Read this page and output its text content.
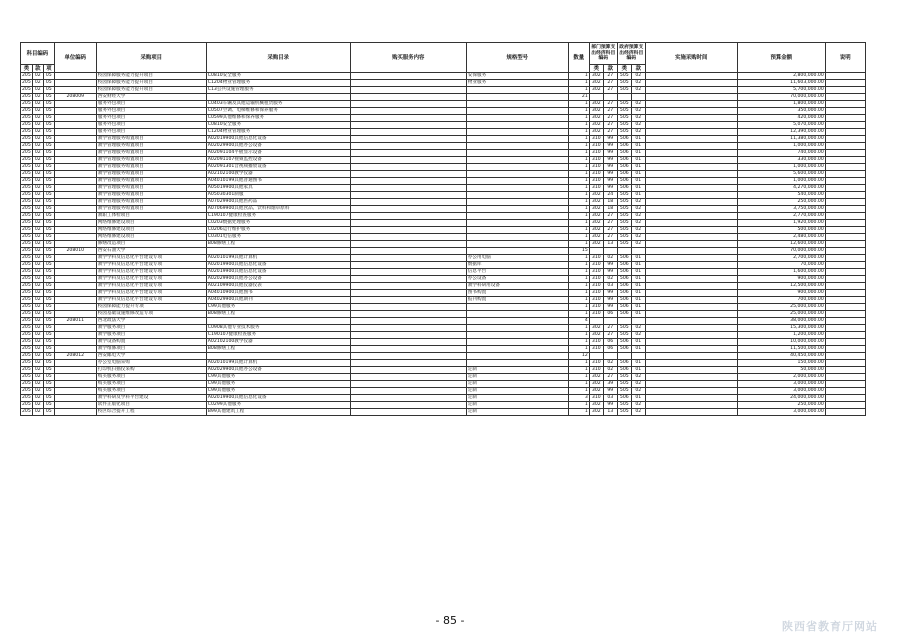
科目编码			单位编码	采购项目	采购目录	购买服务内容	规格型号	数量	部门预算支出经济科目编码		政府预算支出经济科目编码		实施采购时间	预算金额	说明
类	款	项													
									类	款	类	款			
205	02	05		校园保障服务能力提升项目	C0810安全服务		安保服务	1	302	27	505	02		2,800,000.00	
205	02	05		校园保障服务能力提升项目	C1204物业管理服务		物业服务	1	302	27	505	02		11,603,000.00	
205	02	05		校园保障服务能力提升项目	C13公共设施管理服务			1	302	27	505	02		5,700,000.00	
205	02	05	208009	西安财经大学				21						70,000,000.00	
205	02	05		服务外包项目	C0403车辆及其他运输机械租赁服务			1	302	27	505	02		1,800,000.00	
205	02	05		服务外包项目	C0507空调、电梯维修和保养服务			1	302	27	505	02		350,000.00	
205	02	05		服务外包项目	C0599其他维修和保养服务			1	302	27	505	02		420,000.00	
205	02	05		服务外包项目	C0810安全服务			1	302	27	505	02		5,070,000.00	
205	02	05		服务外包项目	C1204物业管理服务			1	302	27	505	02		12,390,000.00	
205	02	05		教学管理服务购置项目	A02019900其他信息化设备			1	310	99	506	01		11,380,000.00	
205	02	05		教学管理服务购置项目	A02029900其他办公设备			1	310	99	506	01		1,000,000.00	
205	02	05		教学管理服务购置项目	A02091104平板显示设备			1	310	99	506	01		740,000.00	
205	02	05		教学管理服务购置项目	A02091107视频监控设备			1	310	99	506	01		330,000.00	
205	02	05		教学管理服务购置项目	A02091301音视频播放设备			1	310	99	506	01		1,000,000.00	
205	02	05		教学管理服务购置项目	A02102100教学仪器			1	310	99	506	01		5,600,000.00	
205	02	05		教学管理服务购置项目	A04010199其他普通图书			1	310	99	506	01		1,000,000.00	
205	02	05		教学管理服务购置项目	A05019900其他家具			1	310	99	506	01		4,270,000.00	
205	02	05		教学管理服务购置项目	A05030301制服			1	302	24	505	01		540,000.00	
205	02	05		教学管理服务购置项目	A07029900其他医药品			1	302	18	505	02		250,000.00	
205	02	05		教学管理服务购置项目	A07069900其他食品、饮料和烟草原料			1	302	18	505	02		3,750,000.00	
205	02	05		教职工体检项目	C190107健康检查服务			1	302	27	505	02		2,770,000.00	
205	02	05		网络维修建设项目	C0203数据处理服务			1	302	27	505	02		1,920,000.00	
205	02	05		网络维修建设项目	C0206运行维护服务			1	302	27	505	02		500,000.00	
205	02	05		网络维修建设项目	C0301电信服务			1	302	27	505	02		2,480,000.00	
205	02	05		修缮改造项目	B08修缮工程			1	302	13	505	02		12,600,000.00	
205	02	05	208010	西安石油大学				15						70,000,000.00	
205	02	05		教学学科及信息化平台建设专项	A02010199其他计算机		办公用电脑	1	310	02	506	01		2,700,000.00	
205	02	05		教学学科及信息化平台建设专项	A02019900其他信息化设备		数据库	1	310	99	506	01		70,000.00	
205	02	05		教学学科及信息化平台建设专项	A02019900其他信息化设备		信息平台	1	310	99	506	01		1,600,000.00	
205	02	05		教学学科及信息化平台建设专项	A02029900其他办公设备		办公设备	1	310	02	506	01		900,000.00	
205	02	05		教学学科及信息化平台建设专项	A02109900其他仪器仪表		教学科研用设备	1	310	03	506	01		12,500,000.00	
205	02	05		教学学科及信息化平台建设专项	A04010900其他图书		图书购置	1	310	99	506	01		900,000.00	
205	02	05		教学学科及信息化平台建设专项	A04029900其他期刊		报刊购置	1	310	99	506	01		700,000.00	
205	02	05		校园保障能力提升专项	C99其他服务			1	310	99	506	01		25,000,000.00	
205	02	05		校园基础设施维修改造专项	B08修缮工程			1	310	06	506	01		25,000,000.00	
205	02	05	208011	西北政法大学				4						38,000,000.00	
205	02	05		教学服务项目	C0908其他专业技术服务			1	302	27	505	02		15,300,000.00	
205	02	05		教学服务项目	C190107健康检查服务			1	302	27	505	02		1,200,000.00	
205	02	05		教学设备购置	A02102100教学仪器			1	310	06	506	01		10,000,000.00	
205	02	05		教学维修项目	B08修缮工程			1	310	06	506	01		11,500,000.00	
205	02	05	208012	西安邮电大学				12						40,450,000.00	
205	02	05		办公室电脑采购	A02010199其他计算机			1	310	02	506	01		150,000.00	
205	02	05		打印机扫描仪采购	A02029900其他办公设备		定制	1	310	02	506	01		50,000.00	
205	02	05		购买服务项目	C99其他服务		定制	1	302	27	505	02		2,000,000.00	
205	02	05		购买服务项目	C99其他服务		定制	1	302	39	505	02		3,000,000.00	
205	02	05		购买服务项目	C99其他服务		定制	1	302	99	505	02		3,000,000.00	
205	02	05		教学科研及学科平台建设	A02019900其他信息化设备		定制	3	310	03	506	01		24,000,000.00	
205	02	05		软件正版化项目	C0299其他服务		定制	1	302	99	505	02		250,000.00	
205	02	05		校区综合提升工程	B99其他建筑工程		定制	1	302	13	505	02		3,000,000.00	
- 85 -	陕西省教育厅网站
